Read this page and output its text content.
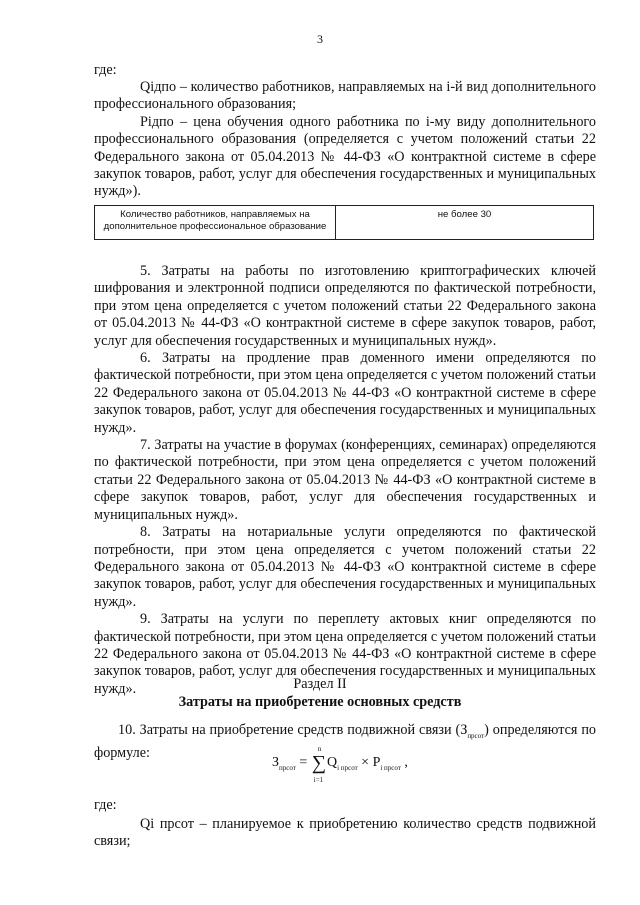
3
где:

Qiдпо – количество работников, направляемых на i-й вид дополнительного профессионального образования;

Piдпо – цена обучения одного работника по i-му виду дополнительного профессионального образования (определяется с учетом положений статьи 22 Федерального закона от 05.04.2013 № 44-ФЗ «О контрактной системе в сфере закупок товаров, работ, услуг для обеспечения государственных и муниципальных нужд»).

Количество работников, направляемых на дополнительное профессиональное образование	не более 30

5. Затраты на работы по изготовлению криптографических ключей шифрования и электронной подписи определяются по фактической потребности, при этом цена определяется с учетом положений статьи 22 Федерального закона от 05.04.2013 № 44-ФЗ «О контрактной системе в сфере закупок товаров, работ, услуг для обеспечения государственных и муниципальных нужд».

6. Затраты на продление прав доменного имени определяются по фактической потребности, при этом цена определяется с учетом положений статьи 22 Федерального закона от 05.04.2013 № 44-ФЗ «О контрактной системе в сфере закупок товаров, работ, услуг для обеспечения государственных и муниципальных нужд».

7. Затраты на участие в форумах (конференциях, семинарах) определяются по фактической потребности, при этом цена определяется с учетом положений статьи 22 Федерального закона от 05.04.2013 № 44-ФЗ «О контрактной системе в сфере закупок товаров, работ, услуг для обеспечения государственных и муниципальных нужд».

8. Затраты на нотариальные услуги определяются по фактической потребности, при этом цена определяется с учетом положений статьи 22 Федерального закона от 05.04.2013 № 44-ФЗ «О контрактной системе в сфере закупок товаров, работ, услуг для обеспечения государственных и муниципальных нужд».

9. Затраты на услуги по переплету актовых книг определяются по фактической потребности, при этом цена определяется с учетом положений статьи 22 Федерального закона от 05.04.2013 № 44-ФЗ «О контрактной системе в сфере закупок товаров, работ, услуг для обеспечения государственных и муниципальных нужд».	Раздел II
Затраты на приобретение основных средств

10. Затраты на приобретение средств подвижной связи $(З_{прсот})$ определяются по формуле:

$З_{прсот}$ = ∑
n
i=1
$Q_{i прсот} \times P_{i прсот}$ ,
где:

Qi прсот – планируемое к приобретению количество средств подвижной связи;
